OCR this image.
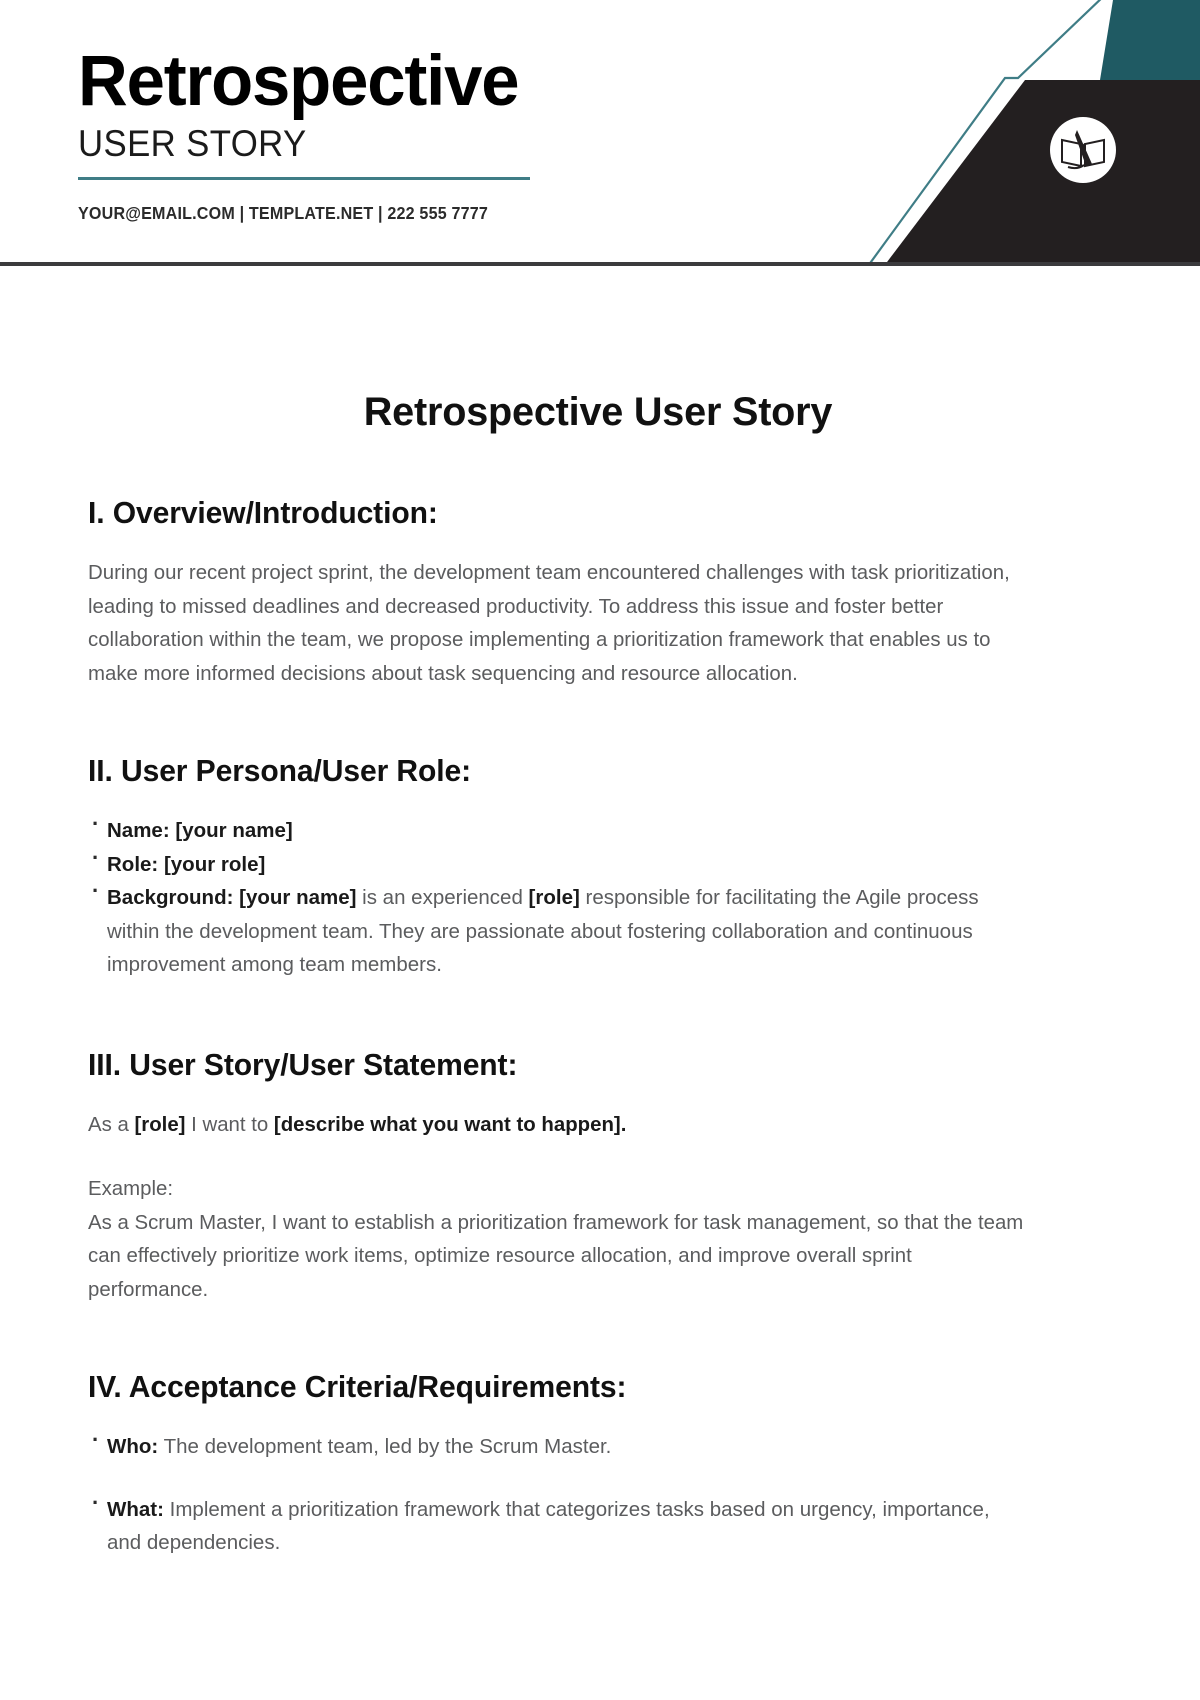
Retrospective
USER STORY
YOUR@EMAIL.COM | TEMPLATE.NET | 222 555 7777
Retrospective User Story
I. Overview/Introduction:

During our recent project sprint, the development team encountered challenges with task prioritization, leading to missed deadlines and decreased productivity. To address this issue and foster better collaboration within the team, we propose implementing a prioritization framework that enables us to make more informed decisions about task sequencing and resource allocation.

II. User Persona/User Role:
· Name: [your name]
· Role: [your role]
· Background: [your name] is an experienced [role] responsible for facilitating the Agile process within the development team. They are passionate about fostering collaboration and continuous improvement among team members.
III. User Story/User Statement:

As a [role] I want to [describe what you want to happen].

Example:

As a Scrum Master, I want to establish a prioritization framework for task management, so that the team can effectively prioritize work items, optimize resource allocation, and improve overall sprint performance.

IV. Acceptance Criteria/Requirements:
· Who: The development team, led by the Scrum Master.
· What: Implement a prioritization framework that categorizes tasks based on urgency, importance, and dependencies.
